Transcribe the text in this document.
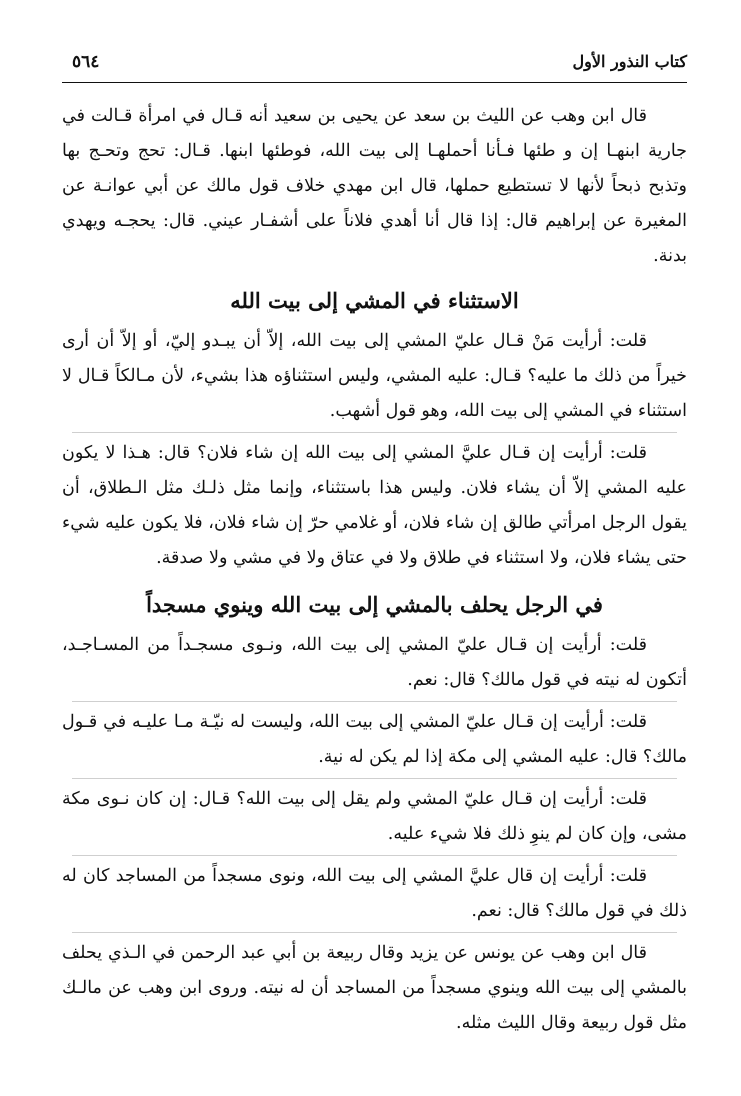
كتاب النذور الأول
٥٦٤

قال ابن وهب عن الليث بن سعد عن يحيى بن سعيد أنه قـال في امرأة قـالت في جارية ابنهـا إن و طئها فـأنا أحملهـا إلى بيت الله، فوطئها ابنها. قـال: تحج وتحـج بها وتذبح ذبحاً لأنها لا تستطيع حملها، قال ابن مهدي خلاف قول مالك عن أبي عوانـة عن المغيرة عن إبراهيم قال: إذا قال أنا أهدي فلاناً على أشفـار عيني. قال: يحجـه ويهدي بدنة.

الاستثناء في المشي إلى بيت الله

قلت: أرأيت مَنْ قـال عليّ المشي إلى بيت الله، إلاّ أن يبـدو إليّ، أو إلاّ أن أرى خيراً من ذلك ما عليه؟ قـال: عليه المشي، وليس استثناؤه هذا بشيء، لأن مـالكاً قـال لا استثناء في المشي إلى بيت الله، وهو قول أشهب.

قلت: أرأيت إن قـال عليَّ المشي إلى بيت الله إن شاء فلان؟ قال: هـذا لا يكون عليه المشي إلاّ أن يشاء فلان. وليس هذا باستثناء، وإنما مثل ذلـك مثل الـطلاق، أن يقول الرجل امرأتي طالق إن شاء فلان، أو غلامي حرّ إن شاء فلان، فلا يكون عليه شيء حتى يشاء فلان، ولا استثناء في طلاق ولا في عتاق ولا في مشي ولا صدقة.

في الرجل يحلف بالمشي إلى بيت الله وينوي مسجداً

قلت: أرأيت إن قـال عليّ المشي إلى بيت الله، ونـوى مسجـداً من المسـاجـد، أتكون له نيته في قول مالك؟ قال: نعم.

قلت: أرأيت إن قـال عليّ المشي إلى بيت الله، وليست له نيّـة مـا عليـه في قـول مالك؟ قال: عليه المشي إلى مكة إذا لم يكن له نية.

قلت: أرأيت إن قـال عليّ المشي ولم يقل إلى بيت الله؟ قـال: إن كان نـوى مكة مشى، وإن كان لم ينوِ ذلك فلا شيء عليه.

قلت: أرأيت إن قال عليَّ المشي إلى بيت الله، ونوى مسجداً من المساجد كان له ذلك في قول مالك؟ قال: نعم.

قال ابن وهب عن يونس عن يزيد وقال ربيعة بن أبي عبد الرحمن في الـذي يحلف بالمشي إلى بيت الله وينوي مسجداً من المساجد أن له نيته. وروى ابن وهب عن مالـك مثل قول ربيعة وقال الليث مثله.
